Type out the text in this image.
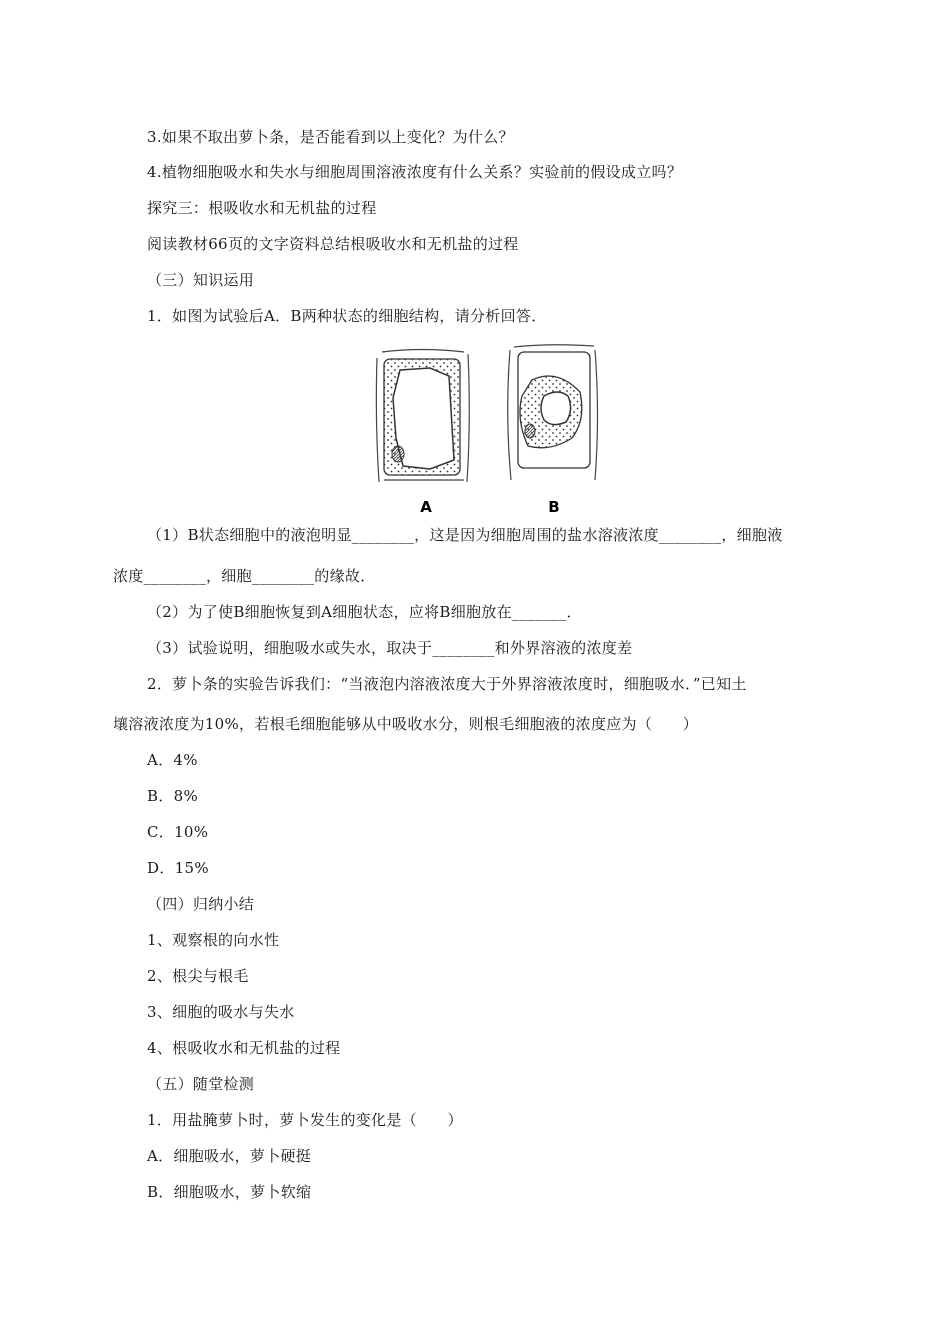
3.如果不取出萝卜条，是否能看到以上变化？为什么？
4.植物细胞吸水和失水与细胞周围溶液浓度有什么关系？实验前的假设成立吗？
探究三：根吸收水和无机盐的过程
阅读教材66页的文字资料总结根吸收水和无机盐的过程
（三）知识运用
1．如图为试验后A．B两种状态的细胞结构，请分析回答．
A	B
（1）B状态细胞中的液泡明显________，这是因为细胞周围的盐水溶液浓度________，细胞液
浓度________，细胞________的缘故．
（2）为了使B细胞恢复到A细胞状态，应将B细胞放在_______．
（3）试验说明，细胞吸水或失水，取决于________和外界溶液的浓度差
2．萝卜条的实验告诉我们：“当液泡内溶液浓度大于外界溶液浓度时，细胞吸水．”已知土
壤溶液浓度为10%，若根毛细胞能够从中吸收水分，则根毛细胞液的浓度应为（　　）
A．4%
B．8%
C．10%
D．15%
（四）归纳小结
1、观察根的向水性
2、根尖与根毛
3、细胞的吸水与失水
4、根吸收水和无机盐的过程
（五）随堂检测
1．用盐腌萝卜时，萝卜发生的变化是（　　）
A．细胞吸水，萝卜硬挺
B．细胞吸水，萝卜软缩
